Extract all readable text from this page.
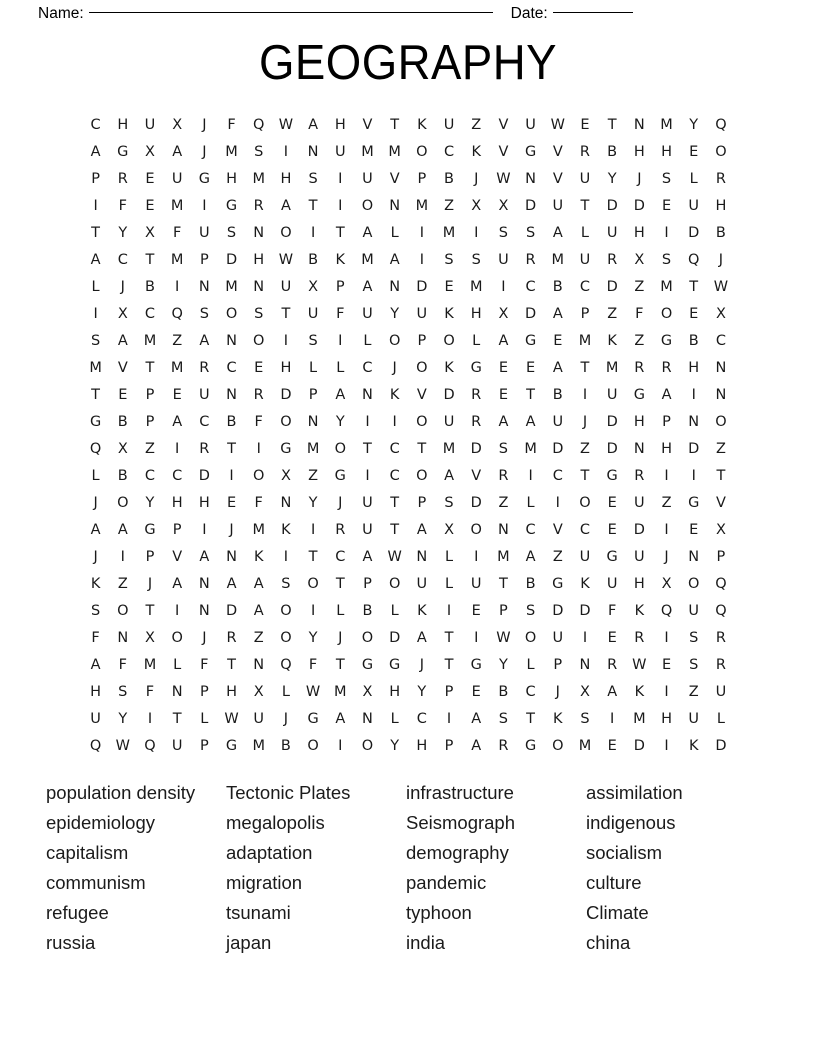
Name:	Date:
GEOGRAPHY
C	H	U	X	J	F	Q W	A	H	V	T	K	U	Z	V	U	W	E	T	N	M	Y	Q
A	G	X	A	J	M	S	I	N	U	M	M	O	C	K	V	G	V	R	B	H	H	E	O
P	R	E	U	G	H	M	H	S	I	U	V	P	B	J	W	N	V	U	Y	J	S	L	R
I	F	E	M	I	G	R	A	T	I	O	N	M	Z	X	X	D	U	T	D	D	E	U	H
T	Y	X	F	U	S	N	O	I	T	A	L	I	M	I	S	S	A	L	U	H	I	D	B
A	C	T	M	P	D	H	W	B	K	M	A	I	S	S	U	R	M	U	R	X	S	Q	J
L	J	B	I	N	M	N	U	X	P	A	N	D	E	M	I	C	B	C	D	Z	M	T	W
I	X	C	Q	S	O	S	T	U	F	U	Y	U	K	H	X	D	A	P	Z	F	O	E	X
S	A	M	Z	A	N	O	I	S	I	L	O	P	O	L	A	G	E	M	K	Z	G	B	C
M	V	T	M	R	C	E	H	L	L	C	J	O	K	G	E	E	A	T	M	R	R	H	N
T	E	P	E	U	N	R	D	P	A	N	K	V	D	R	E	T	B	I	U	G	A	I	N
G	B	P	A	C	B	F	O	N	Y	I	I	O	U	R	A	A	U	J	D	H	P	N	O
Q	X	Z	I	R	T	I	G	M	O	T	C	T	M	D	S	M	D	Z	D	N	H	D	Z
L	B	C	C	D	I	O	X	Z	G	I	C	O	A	V	R	I	C	T	G	R	I	I	T
J	O	Y	H	H	E	F	N	Y	J	U	T	P	S	D	Z	L	I	O	E	U	Z	G	V
A	A	G	P	I	J	M	K	I	R	U	T	A	X	O	N	C	V	C	E	D	I	E	X
J	I	P	V	A	N	K	I	T	C	A	W	N	L	I	M	A	Z	U	G	U	J	N	P
K	Z	J	A	N	A	A	S	O	T	P	O	U	L	U	T	B	G	K	U	H	X	O	Q
S	O	T	I	N	D	A	O	I	L	B	L	K	I	E	P	S	D	D	F	K	Q	U	Q
F	N	X	O	J	R	Z	O	Y	J	O	D	A	T	I	W O	U	I	E	R	I	S	R
A	F	M	L	F	T	N	Q	F	T	G	G	J	T	G	Y	L	P	N	R	W	E	S	R
H	S	F	N	P	H	X	L	W M	X	H	Y	P	E	B	C	J	X	A	K	I	Z	U
U	Y	I	T	L	W	U	J	G	A	N	L	C	I	A	S	T	K	S	I	M	H	U	L
Q W Q	U	P	G	M	B	O	I	O	Y	H	P	A	R	G	O	M	E	D	I	K	D
population density	Tectonic Plates	infrastructure	assimilation
epidemiology	megalopolis	Seismograph	indigenous
capitalism	adaptation	demography	socialism
communism	migration	pandemic	culture
refugee	tsunami	typhoon	Climate
russia	japan	india	china
